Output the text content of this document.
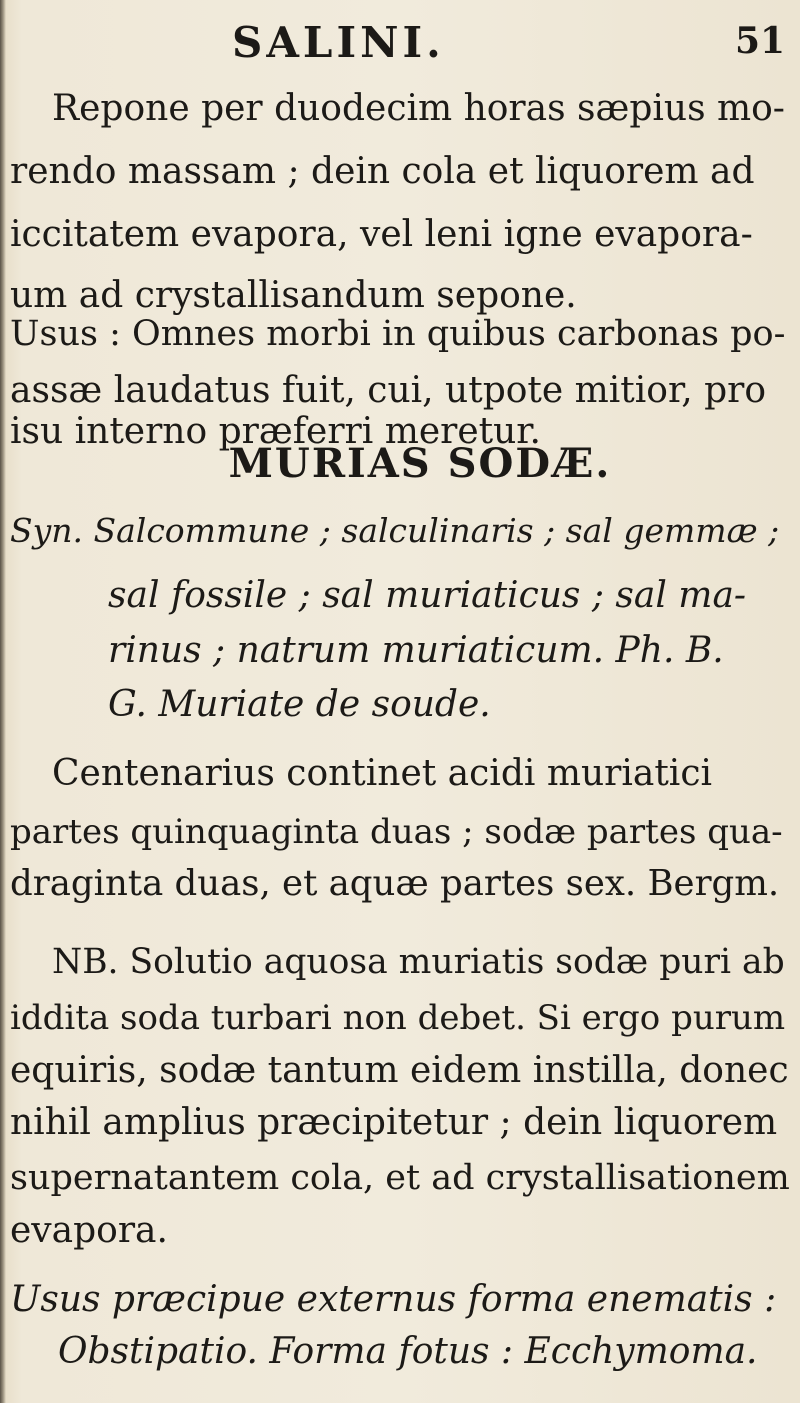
SALINI.	51
Repone per duodecim horas sæpius mo-
rendo massam ; dein cola et liquorem ad
iccitatem evapora, vel leni igne evapora-
um ad crystallisandum sepone.
Usus : Omnes morbi in quibus carbonas po-
assæ laudatus fuit, cui, utpote mitior, pro
isu interno præferri meretur.
MURIAS SODÆ.
Syn. Salcommune ; salculinaris ; sal gemmæ ;
sal fossile ; sal muriaticus ; sal ma-
rinus ; natrum muriaticum. Ph. B.
G. Muriate de soude.
Centenarius continet acidi muriatici
partes quinquaginta duas ; sodæ partes qua-
draginta duas, et aquæ partes sex. Bergm.
NB. Solutio aquosa muriatis sodæ puri ab
iddita soda turbari non debet. Si ergo purum
equiris, sodæ tantum eidem instilla, donec
nihil amplius præcipitetur ; dein liquorem
supernatantem cola, et ad crystallisationem
evapora.
Usus præcipue externus forma enematis :
Obstipatio. Forma fotus : Ecchymoma.
